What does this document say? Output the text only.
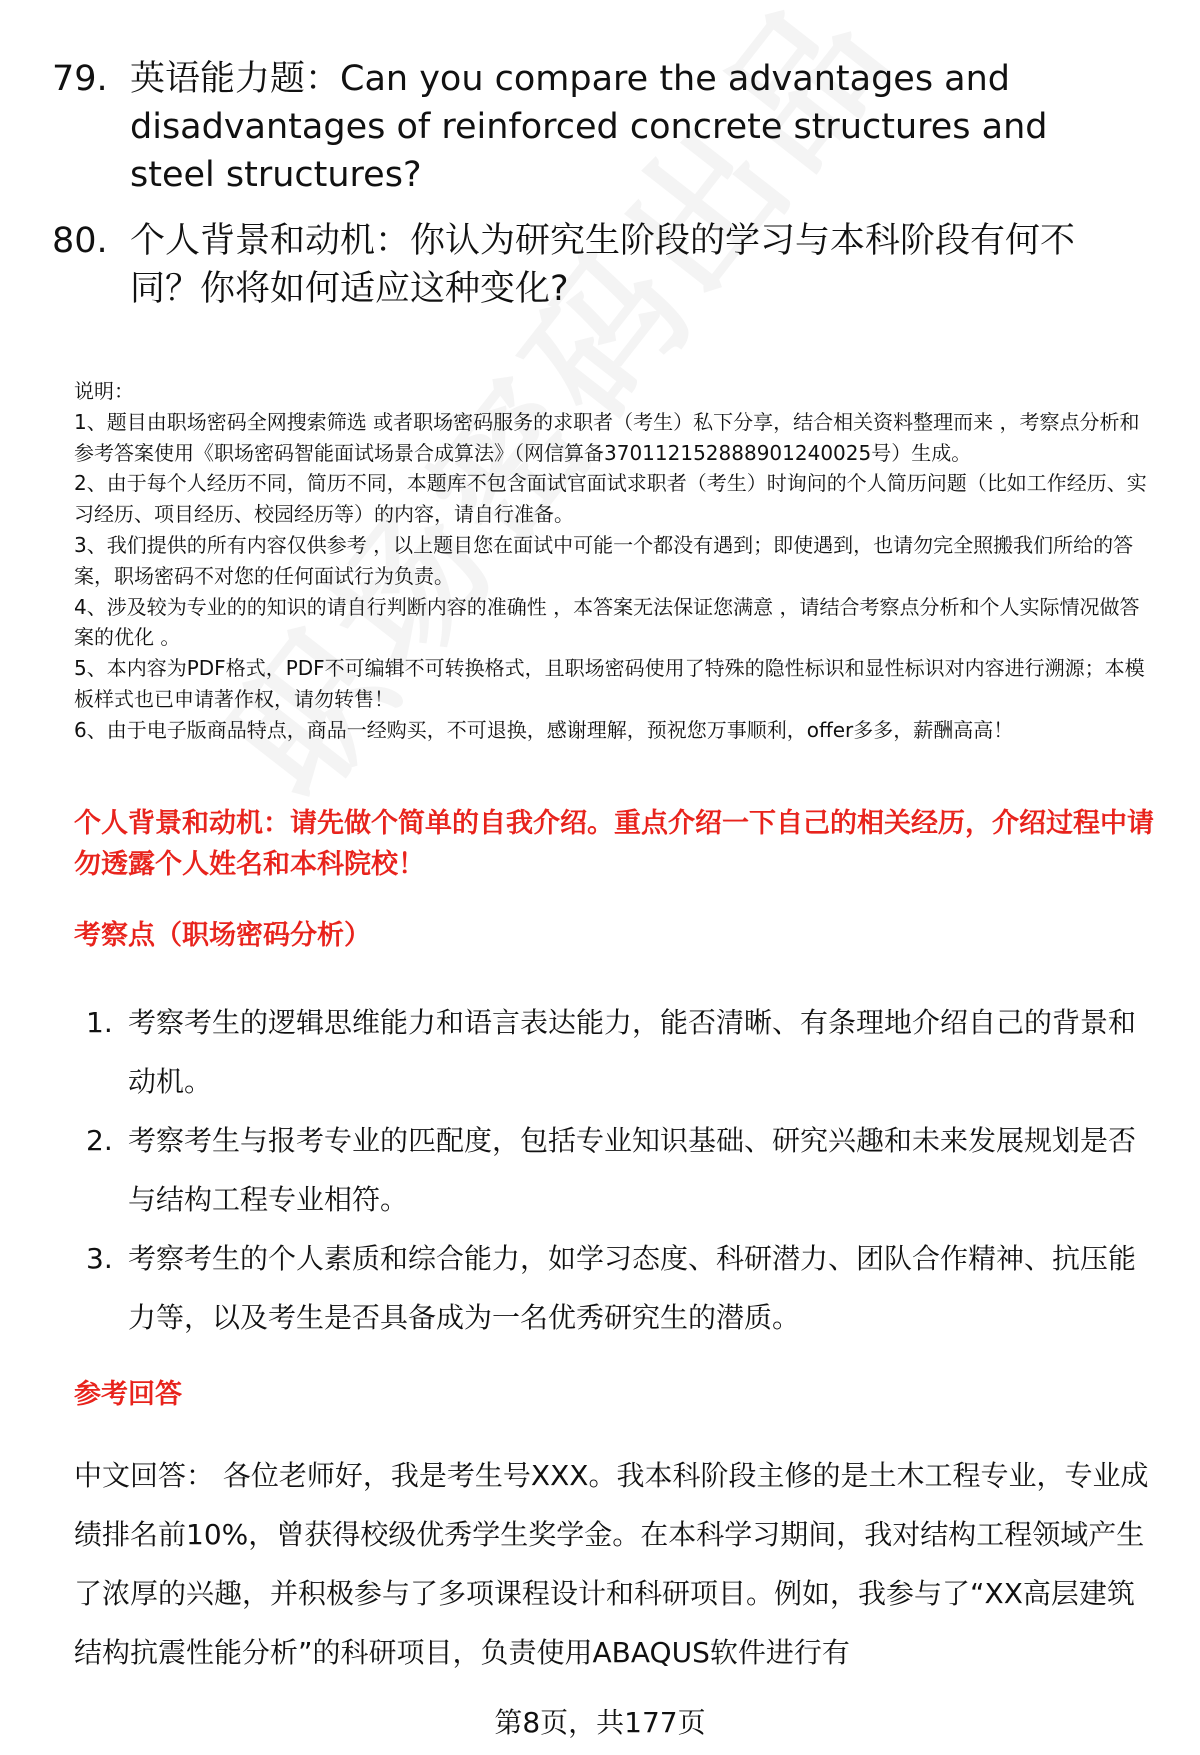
79. 英语能力题：Can you compare the advantages and disadvantages of reinforced concrete structures and steel structures?
80. 个人背景和动机：你认为研究生阶段的学习与本科阶段有何不同？你将如何适应这种变化?

说明：

1、题目由职场密码全网搜索筛选 或者职场密码服务的求职者（考生）私下分享，结合相关资料整理而来 ，考察点分析和参考答案使用《职场密码智能面试场景合成算法》（网信算备370112152888901240025号）生成。

2、由于每个人经历不同，简历不同，本题库不包含面试官面试求职者（考生）时询问的个人简历问题（比如工作经历、实习经历、项目经历、校园经历等）的内容，请自行准备。

3、我们提供的所有内容仅供参考 ，以上题目您在面试中可能一个都没有遇到；即使遇到，也请勿完全照搬我们所给的答案，职场密码不对您的任何面试行为负责。

4、涉及较为专业的的知识的请自行判断内容的准确性 ，本答案无法保证您满意 ，请结合考察点分析和个人实际情况做答案的优化 。

5、本内容为PDF格式，PDF不可编辑不可转换格式，且职场密码使用了特殊的隐性标识和显性标识对内容进行溯源；本模板样式也已申请著作权，请勿转售！

6、由于电子版商品特点，商品一经购买，不可退换，感谢理解，预祝您万事顺利，offer多多，薪酬高高！

个人背景和动机：请先做个简单的自我介绍。重点介绍一下自己的相关经历，介绍过程中请勿透露个人姓名和本科院校！
考察点（职场密码分析）
1. 考察考生的逻辑思维能力和语言表达能力，能否清晰、有条理地介绍自己的背景和动机。
2. 考察考生与报考专业的匹配度，包括专业知识基础、研究兴趣和未来发展规划是否与结构工程专业相符。
3. 考察考生的个人素质和综合能力，如学习态度、科研潜力、团队合作精神、抗压能力等，以及考生是否具备成为一名优秀研究生的潜质。
参考回答
中文回答： 各位老师好，我是考生号XXX。我本科阶段主修的是土木工程专业，专业成绩排名前10%，曾获得校级优秀学生奖学金。在本科学习期间，我对结构工程领域产生了浓厚的兴趣，并积极参与了多项课程设计和科研项目。例如，我参与了“XX高层建筑结构抗震性能分析”的科研项目，负责使用ABAQUS软件进行有
第8页，共177页
